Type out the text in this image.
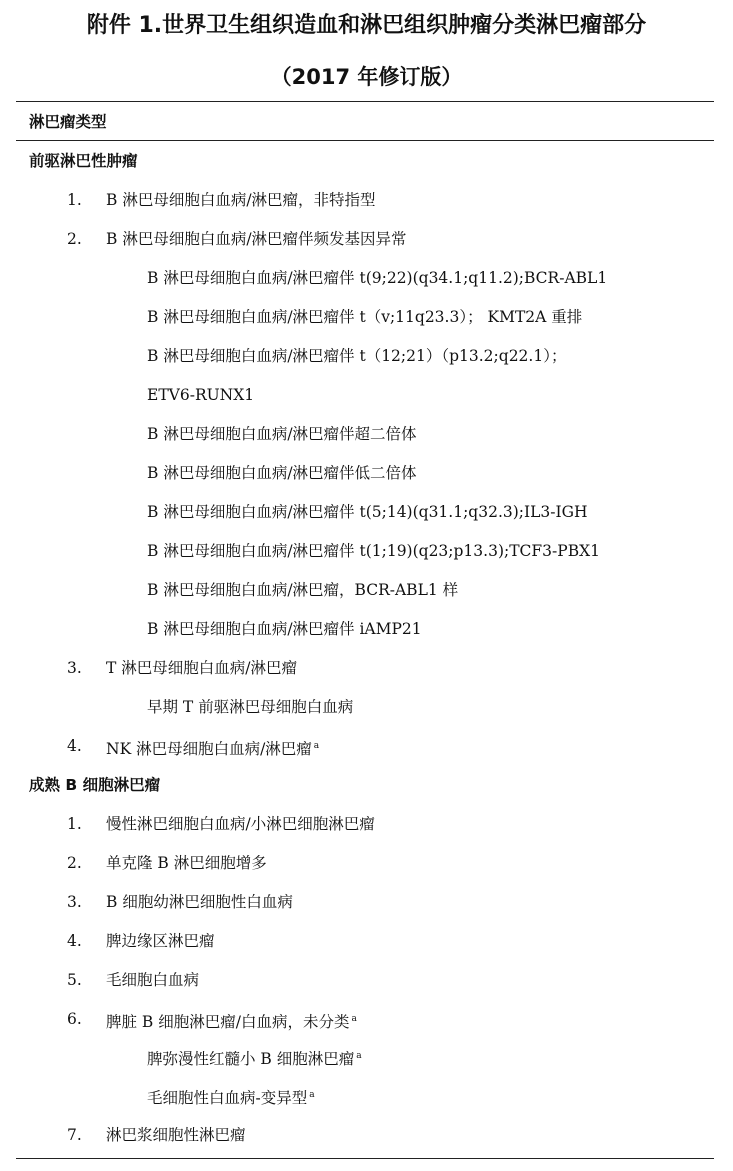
附件 1.世界卫生组织造血和淋巴组织肿瘤分类淋巴瘤部分
（2017 年修订版）
淋巴瘤类型
前驱淋巴性肿瘤
1. B 淋巴母细胞白血病/淋巴瘤，非特指型
2. B 淋巴母细胞白血病/淋巴瘤伴频发基因异常
B 淋巴母细胞白血病/淋巴瘤伴 t(9;22)(q34.1;q11.2);BCR-ABL1
B 淋巴母细胞白血病/淋巴瘤伴 t（v;11q23.3）； KMT2A 重排
B 淋巴母细胞白血病/淋巴瘤伴 t（12;21）（p13.2;q22.1）；
ETV6-RUNX1
B 淋巴母细胞白血病/淋巴瘤伴超二倍体
B 淋巴母细胞白血病/淋巴瘤伴低二倍体
B 淋巴母细胞白血病/淋巴瘤伴 t(5;14)(q31.1;q32.3);IL3-IGH
B 淋巴母细胞白血病/淋巴瘤伴 t(1;19)(q23;p13.3);TCF3-PBX1
B 淋巴母细胞白血病/淋巴瘤，BCR-ABL1 样
B 淋巴母细胞白血病/淋巴瘤伴 iAMP21
3. T 淋巴母细胞白血病/淋巴瘤
早期 T 前驱淋巴母细胞白血病
4. NK 淋巴母细胞白血病/淋巴瘤 $^a$
成熟 B 细胞淋巴瘤
1. 慢性淋巴细胞白血病/小淋巴细胞淋巴瘤
2. 单克隆 B 淋巴细胞增多
3. B 细胞幼淋巴细胞性白血病
4. 脾边缘区淋巴瘤
5. 毛细胞白血病
6. 脾脏 B 细胞淋巴瘤/白血病，未分类 $^a$
脾弥漫性红髓小 B 细胞淋巴瘤 $^a$
毛细胞性白血病-变异型 $^a$
7. 淋巴浆细胞性淋巴瘤
